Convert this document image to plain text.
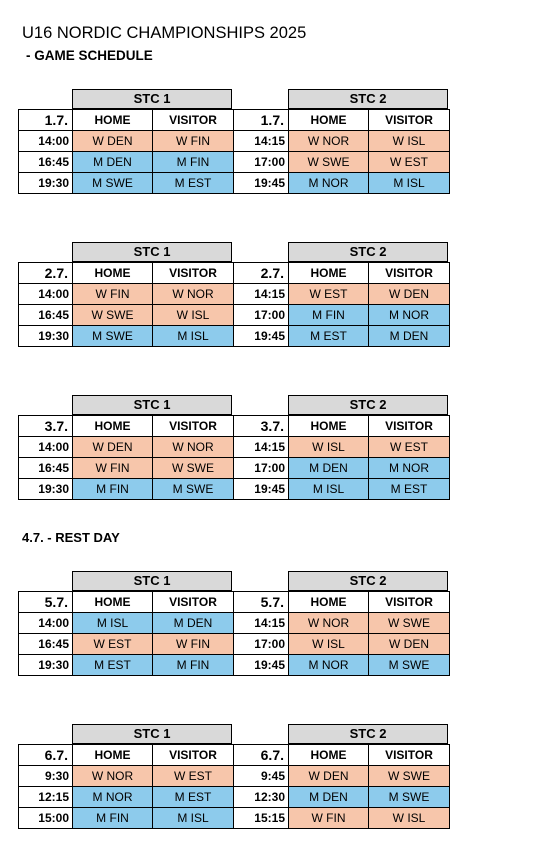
U16 NORDIC CHAMPIONSHIPS 2025
- GAME SCHEDULE
STC 1
1.7.	HOME	VISITOR
14:00	W DEN	W FIN
16:45	M DEN	M FIN
19:30	M SWE	M EST
STC 2
1.7.	HOME	VISITOR
14:15	W NOR	W ISL
17:00	W SWE	W EST
19:45	M NOR	M ISL
STC 1
2.7.	HOME	VISITOR
14:00	W FIN	W NOR
16:45	W SWE	W ISL
19:30	M SWE	M ISL
STC 2
2.7.	HOME	VISITOR
14:15	W EST	W DEN
17:00	M FIN	M NOR
19:45	M EST	M DEN
STC 1
3.7.	HOME	VISITOR
14:00	W DEN	W NOR
16:45	W FIN	W SWE
19:30	M FIN	M SWE
STC 2
3.7.	HOME	VISITOR
14:15	W ISL	W EST
17:00	M DEN	M NOR
19:45	M ISL	M EST
STC 1
5.7.	HOME	VISITOR
14:00	M ISL	M DEN
16:45	W EST	W FIN
19:30	M EST	M FIN
STC 2
5.7.	HOME	VISITOR
14:15	W NOR	W SWE
17:00	W ISL	W DEN
19:45	M NOR	M SWE
STC 1
6.7.	HOME	VISITOR
9:30	W NOR	W EST
12:15	M NOR	M EST
15:00	M FIN	M ISL
STC 2
6.7.	HOME	VISITOR
9:45	W DEN	W SWE
12:30	M DEN	M SWE
15:15	W FIN	W ISL
4.7. - REST DAY
